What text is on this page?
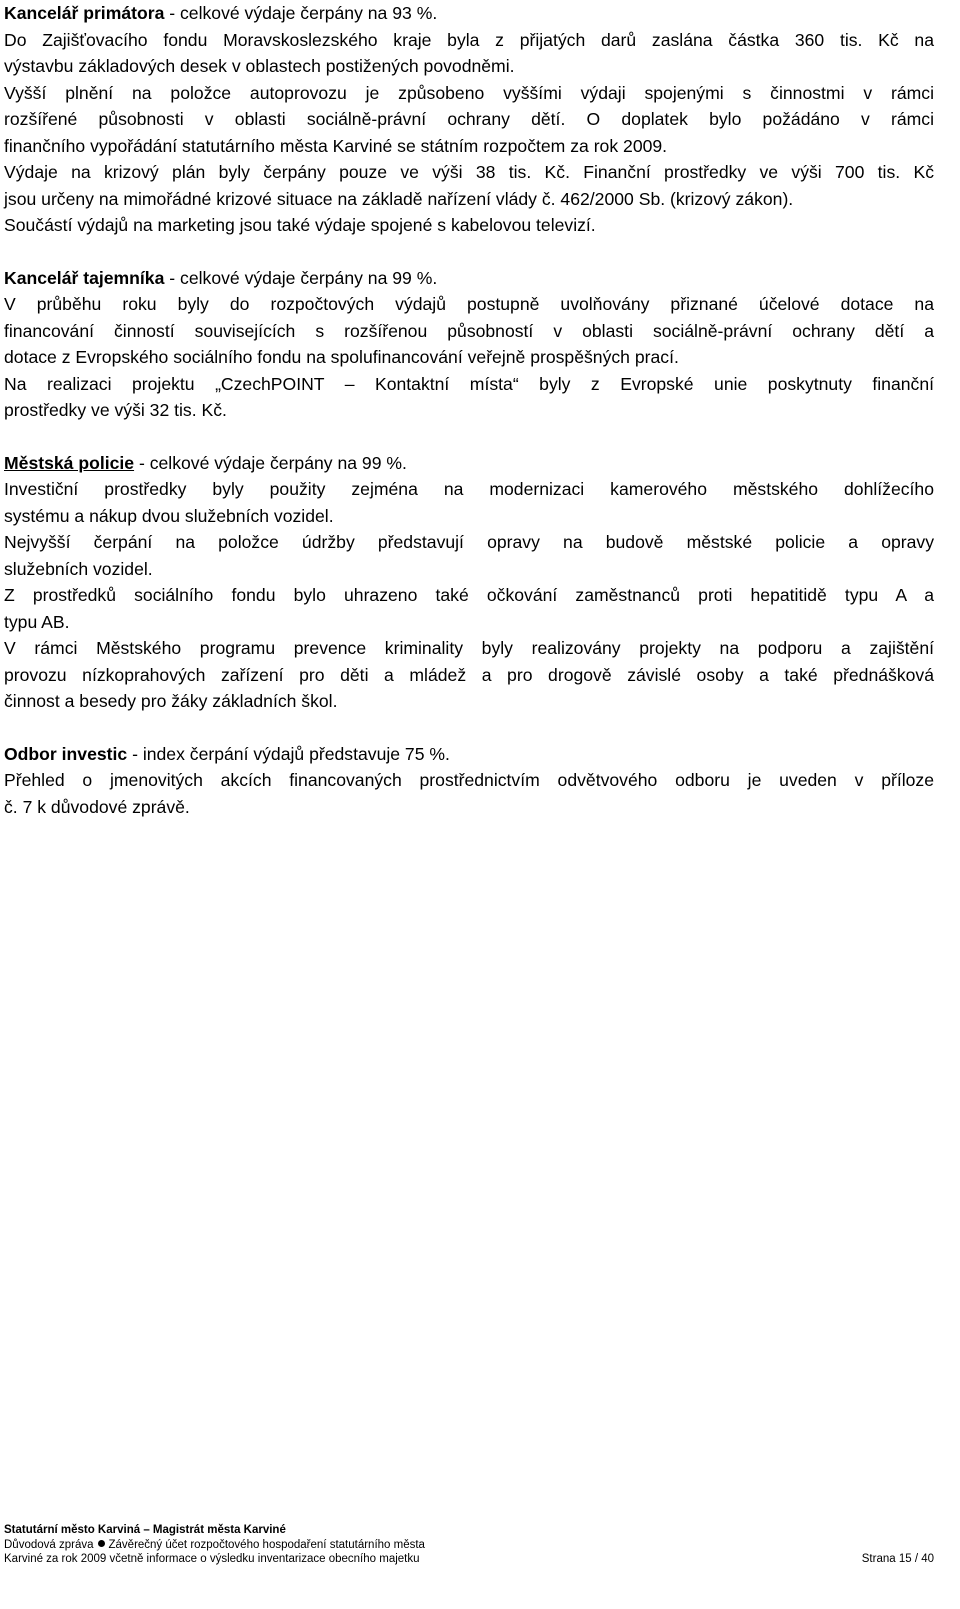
Kancelář primátora - celkové výdaje čerpány na 93 %.
Do Zajišťovacího fondu Moravskoslezského kraje byla z přijatých darů zaslána částka 360 tis. Kč na
výstavbu základových desek v oblastech postižených povodněmi.
Vyšší plnění na položce autoprovozu je způsobeno vyššími výdaji spojenými s činnostmi v rámci
rozšířené působnosti v oblasti sociálně-právní ochrany dětí. O doplatek bylo požádáno v rámci
finančního vypořádání statutárního města Karviné se státním rozpočtem za rok 2009.
Výdaje na krizový plán byly čerpány pouze ve výši 38 tis. Kč. Finanční prostředky ve výši 700 tis. Kč
jsou určeny na mimořádné krizové situace na základě nařízení vlády č. 462/2000 Sb. (krizový zákon).
Součástí výdajů na marketing jsou také výdaje spojené s kabelovou televizí.
Kancelář tajemníka - celkové výdaje čerpány na 99 %.
V průběhu roku byly do rozpočtových výdajů postupně uvolňovány přiznané účelové dotace na
financování činností souvisejících s rozšířenou působností v oblasti sociálně-právní ochrany dětí a
dotace z Evropského sociálního fondu na spolufinancování veřejně prospěšných prací.
Na realizaci projektu „CzechPOINT – Kontaktní místa“ byly z Evropské unie poskytnuty finanční
prostředky ve výši 32 tis. Kč.
Městská policie - celkové výdaje čerpány na 99 %.
Investiční prostředky byly použity zejména na modernizaci kamerového městského dohlížecího
systému a nákup dvou služebních vozidel.
Nejvyšší čerpání na položce údržby představují opravy na budově městské policie a opravy
služebních vozidel.
Z prostředků sociálního fondu bylo uhrazeno také očkování zaměstnanců proti hepatitidě typu A a
typu AB.
V rámci Městského programu prevence kriminality byly realizovány projekty na podporu a zajištění
provozu nízkoprahových zařízení pro děti a mládež a pro drogově závislé osoby a také přednášková
činnost a besedy pro žáky základních škol.
Odbor investic - index čerpání výdajů představuje 75 %.
Přehled o jmenovitých akcích financovaných prostřednictvím odvětvového odboru je uveden v příloze
č. 7 k důvodové zprávě.
Statutární město Karviná – Magistrát města Karviné
Důvodová zpráva Závěrečný účet rozpočtového hospodaření statutárního města
Karviné za rok 2009 včetně informace o výsledku inventarizace obecního majetku	Strana 15 / 40
